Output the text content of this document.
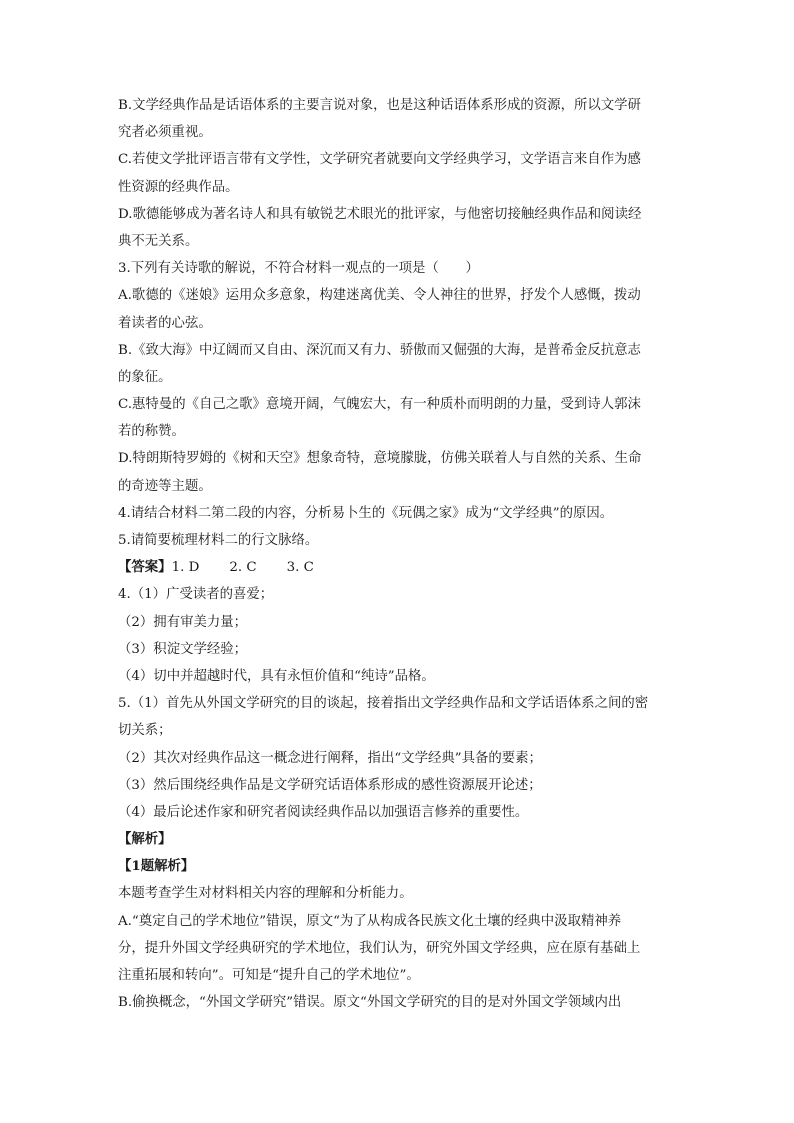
B.文学经典作品是话语体系的主要言说对象，也是这种话语体系形成的资源，所以文学研
究者必须重视。
C.若使文学批评语言带有文学性，文学研究者就要向文学经典学习，文学语言来自作为感
性资源的经典作品。
D.歌德能够成为著名诗人和具有敏锐艺术眼光的批评家，与他密切接触经典作品和阅读经
典不无关系。
3.下列有关诗歌的解说，不符合材料一观点的一项是（　　）
A.歌德的《迷娘》运用众多意象，构建迷离优美、令人神往的世界，抒发个人感慨，拨动
着读者的心弦。
B.《致大海》中辽阔而又自由、深沉而又有力、骄傲而又倔强的大海，是普希金反抗意志
的象征。
C.惠特曼的《自己之歌》意境开阔，气魄宏大，有一种质朴而明朗的力量，受到诗人郭沫
若的称赞。
D.特朗斯特罗姆的《树和天空》想象奇特，意境朦胧，仿佛关联着人与自然的关系、生命
的奇迹等主题。
4.请结合材料二第二段的内容，分析易卜生的《玩偶之家》成为“文学经典”的原因。
5.请简要梳理材料二的行文脉络。
【答案】1. D 2. C 3. C
4.（1）广受读者的喜爱；
（2）拥有审美力量；
（3）积淀文学经验；
（4）切中并超越时代，具有永恒价值和“纯诗”品格。
5.（1）首先从外国文学研究的目的谈起，接着指出文学经典作品和文学话语体系之间的密
切关系；
（2）其次对经典作品这一概念进行阐释，指出“文学经典”具备的要素；
（3）然后围绕经典作品是文学研究话语体系形成的感性资源展开论述；
（4）最后论述作家和研究者阅读经典作品以加强语言修养的重要性。
【解析】
【1题解析】
本题考查学生对材料相关内容的理解和分析能力。
A.“奠定自己的学术地位”错误，原文“为了从构成各民族文化土壤的经典中汲取精神养
分，提升外国文学经典研究的学术地位，我们认为，研究外国文学经典，应在原有基础上
注重拓展和转向”。可知是“提升自己的学术地位”。
B.偷换概念，“外国文学研究”错误。原文“外国文学研究的目的是对外国文学领域内出
